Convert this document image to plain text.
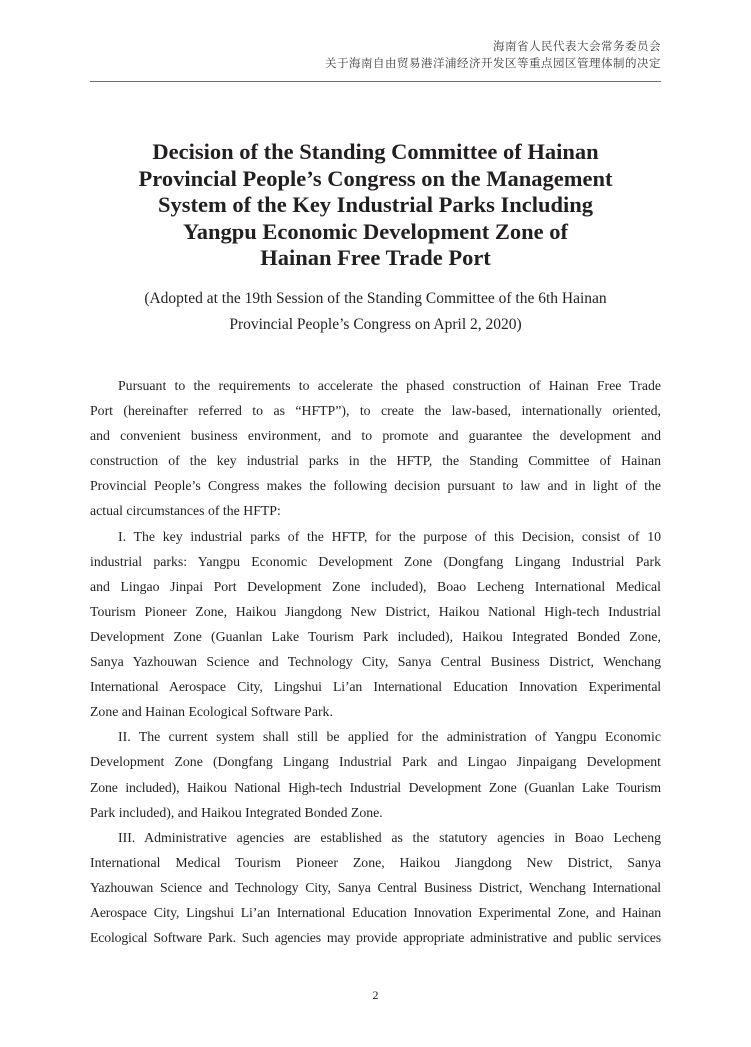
海南省人民代表大会常务委员会
关于海南自由贸易港洋浦经济开发区等重点园区管理体制的决定
Decision of the Standing Committee of Hainan
Provincial People’s Congress on the Management
System of the Key Industrial Parks Including
Yangpu Economic Development Zone of
Hainan Free Trade Port
(Adopted at the 19th Session of the Standing Committee of the 6th Hainan
Provincial People’s Congress on April 2, 2020)
Pursuant to the requirements to accelerate the phased construction of Hainan Free Trade
Port (hereinafter referred to as “HFTP”), to create the law-based, internationally oriented,
and convenient business environment, and to promote and guarantee the development and
construction of the key industrial parks in the HFTP, the Standing Committee of Hainan
Provincial People’s Congress makes the following decision pursuant to law and in light of the
actual circumstances of the HFTP:
I. The key industrial parks of the HFTP, for the purpose of this Decision, consist of 10
industrial parks: Yangpu Economic Development Zone (Dongfang Lingang Industrial Park
and Lingao Jinpai Port Development Zone included), Boao Lecheng International Medical
Tourism Pioneer Zone, Haikou Jiangdong New District, Haikou National High-tech Industrial
Development Zone (Guanlan Lake Tourism Park included), Haikou Integrated Bonded Zone,
Sanya Yazhouwan Science and Technology City, Sanya Central Business District, Wenchang
International Aerospace City, Lingshui Li’an International Education Innovation Experimental
Zone and Hainan Ecological Software Park.
II. The current system shall still be applied for the administration of Yangpu Economic
Development Zone (Dongfang Lingang Industrial Park and Lingao Jinpaigang Development
Zone included), Haikou National High-tech Industrial Development Zone (Guanlan Lake Tourism
Park included), and Haikou Integrated Bonded Zone.
III. Administrative agencies are established as the statutory agencies in Boao Lecheng
International Medical Tourism Pioneer Zone, Haikou Jiangdong New District, Sanya
Yazhouwan Science and Technology City, Sanya Central Business District, Wenchang International
Aerospace City, Lingshui Li’an International Education Innovation Experimental Zone, and Hainan
Ecological Software Park. Such agencies may provide appropriate administrative and public services
2
